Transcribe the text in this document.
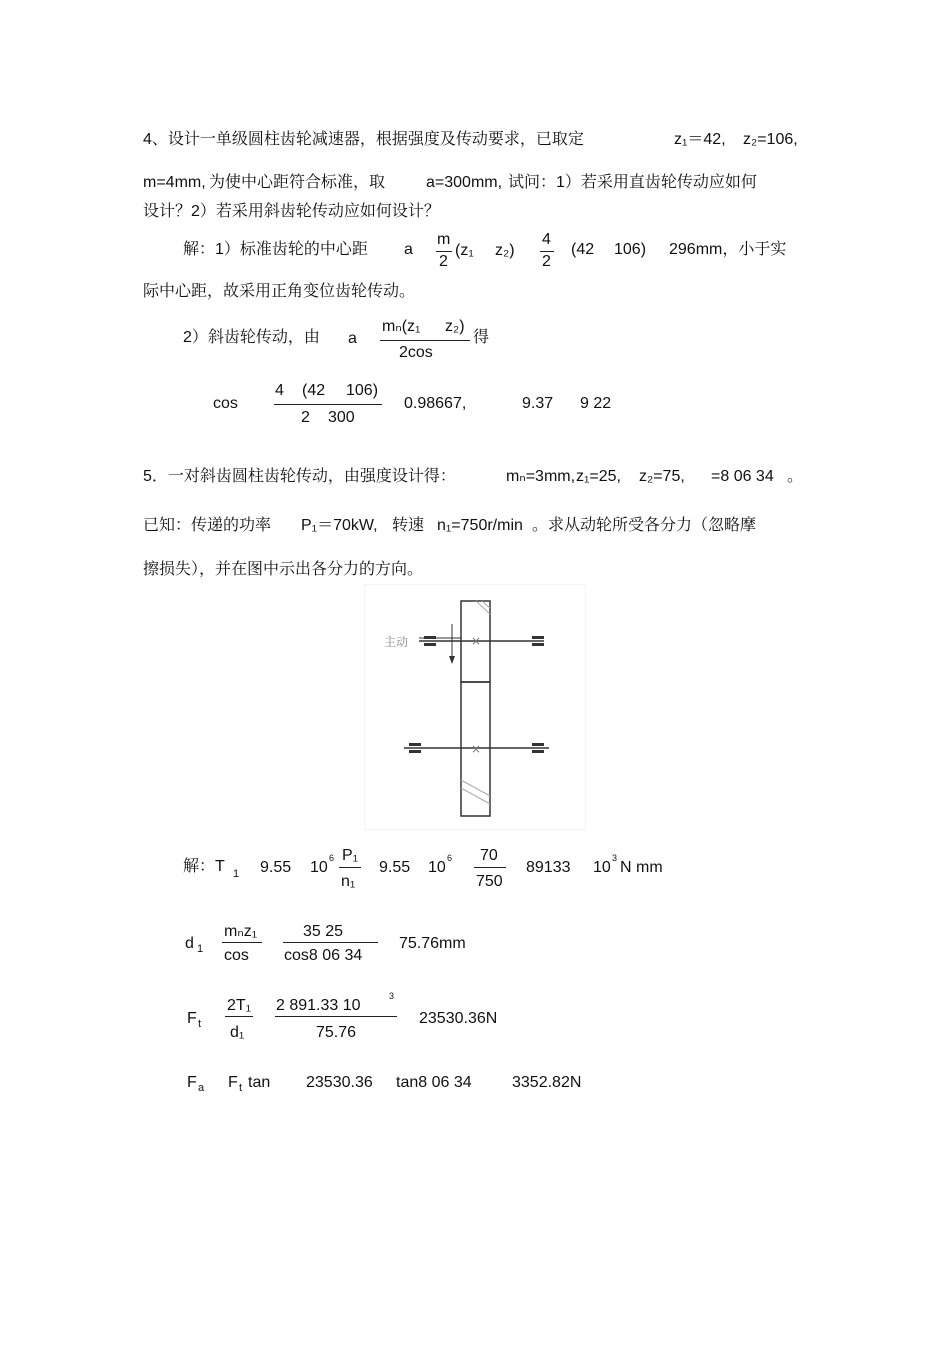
4、设计一单级圆柱齿轮减速器，根据强度及传动要求，已取定	z₁＝42, z₂=106,
m=4mm, 为使中心距符合标准，取	a=300mm, 试问：1）若采用直齿轮传动应如何
设计？2）若采用斜齿轮传动应如何设计？
解：1）标准齿轮的中心距 a
m
2
(z₁ z₂)
4
2
(42 106) 296mm，小于实
际中心距，故采用正角变位齿轮传动。
2）斜齿轮传动，由 a
mₙ(z₁ z₂)
2cos
得
cos
4 (42 106)
2 300
0.98667,	9.37 9 22
5．一对斜齿圆柱齿轮传动，由强度设计得：	mₙ=3mm, z₁=25, z₂=75, =8 06 34 。
已知：传递的功率 P₁＝70kW, 转速 n₁=750r/min 。求从动轮所受各分力（忽略摩
擦损失），并在图中示出各分力的方向。
主动	×
×
解：T 1 9.55 10
6 P₁
n₁
9.55 10
6 70
750
89133 10
3
N mm
d 1
mₙz₁
cos
35 25
cos8 06 34
75.76mm
F t
2T₁
d₁
2 891.33 10
3
75.76
23530.36N
F a F t tan 23530.36 tan8 06 34	3352.82N
